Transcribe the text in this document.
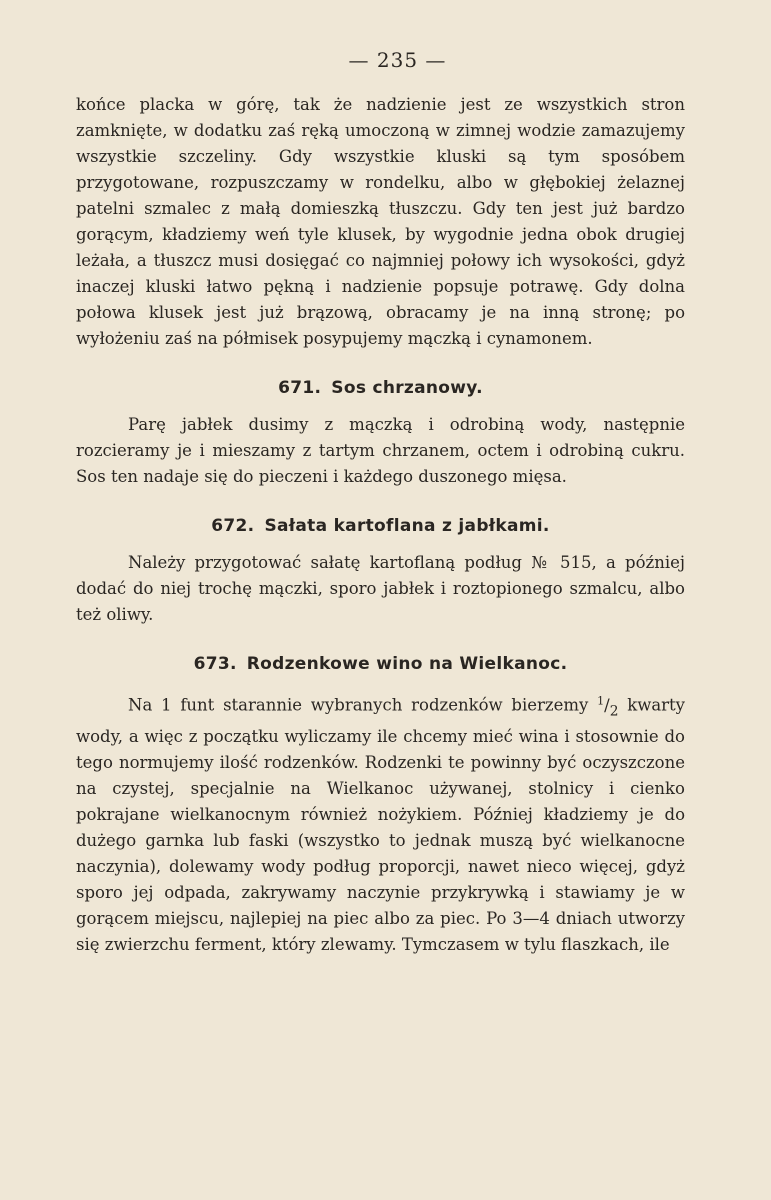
— 235 —

końce placka w górę, tak że nadzienie jest ze wszystkich stron zamknięte, w dodatku zaś ręką umoczoną w zimnej wodzie zamazujemy wszystkie szczeliny. Gdy wszystkie kluski są tym sposóbem przygotowane, rozpuszczamy w rondelku, albo w głębokiej żelaznej patelni szmalec z małą domieszką tłuszczu. Gdy ten jest już bardzo gorącym, kładziemy weń tyle klusek, by wygodnie jedna obok drugiej leżała, a tłuszcz musi dosięgać co najmniej połowy ich wysokości, gdyż inaczej kluski łatwo pękną i nadzienie popsuje potrawę. Gdy dolna połowa klusek jest już brązową, obracamy je na inną stronę; po wyłożeniu zaś na półmisek posypujemy mączką i cynamonem.

671. Sos chrzanowy.

Parę jabłek dusimy z mączką i odrobiną wody, następnie rozcieramy je i mieszamy z tartym chrzanem, octem i odrobiną cukru. Sos ten nadaje się do pieczeni i każdego duszonego mięsa.

672. Sałata kartoflana z jabłkami.

Należy przygotować sałatę kartoflaną podług № 515, a później dodać do niej trochę mączki, sporo jabłek i roztopionego szmalcu, albo też oliwy.

673. Rodzenkowe wino na Wielkanoc.

Na 1 funt starannie wybranych rodzenków bierzemy $^1/_2$ kwarty wody, a więc z początku wyliczamy ile chcemy mieć wina i stosownie do tego normujemy ilość rodzenków. Rodzenki te powinny być oczyszczone na czystej, specjalnie na Wielkanoc używanej, stolnicy i cienko pokrajane wielkanocnym również nożykiem. Później kładziemy je do dużego garnka lub faski (wszystko to jednak muszą być wielkanocne naczynia), dolewamy wody podług proporcji, nawet nieco więcej, gdyż sporo jej odpada, zakrywamy naczynie przykrywką i stawiamy je w gorącem miejscu, najlepiej na piec albo za piec. Po 3—4 dniach utworzy się zwierzchu ferment, który zlewamy. Tymczasem w tylu flaszkach, ile
